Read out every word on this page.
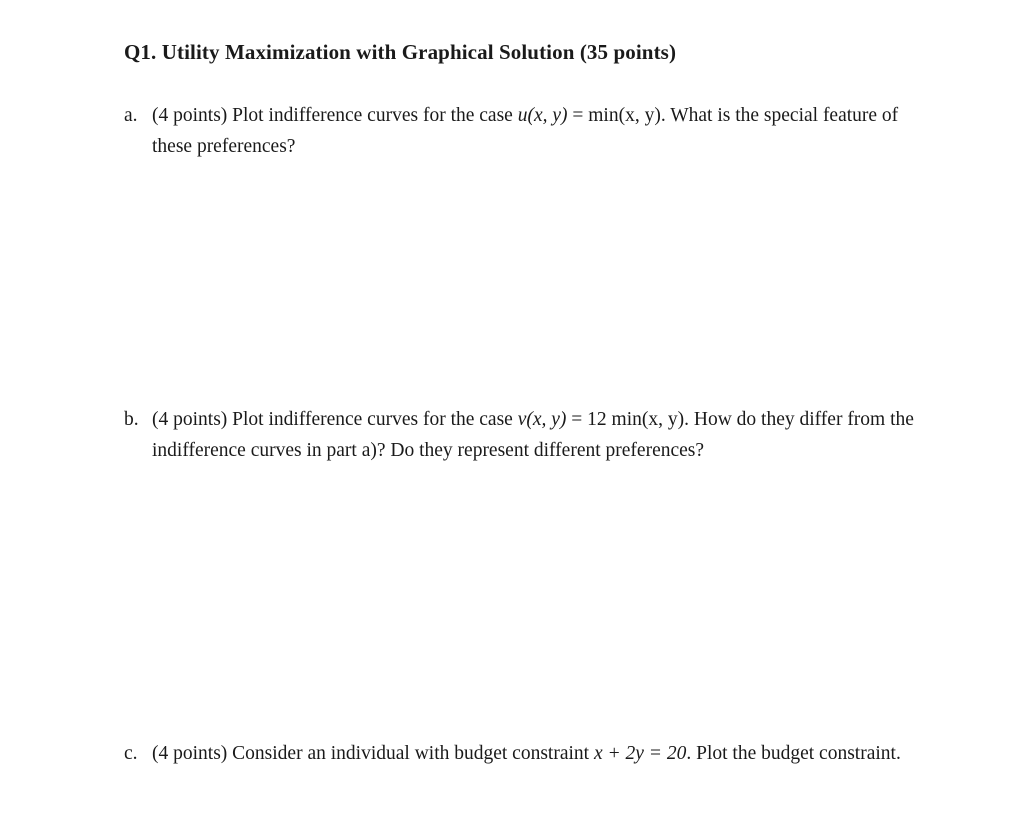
Q1. Utility Maximization with Graphical Solution (35 points)
a. (4 points) Plot indifference curves for the case u(x, y) = min(x, y). What is the special feature of these preferences?
b. (4 points) Plot indifference curves for the case v(x, y) = 12 min(x, y). How do they differ from the indifference curves in part a)? Do they represent different preferences?
c. (4 points) Consider an individual with budget constraint x + 2y = 20. Plot the budget constraint.
